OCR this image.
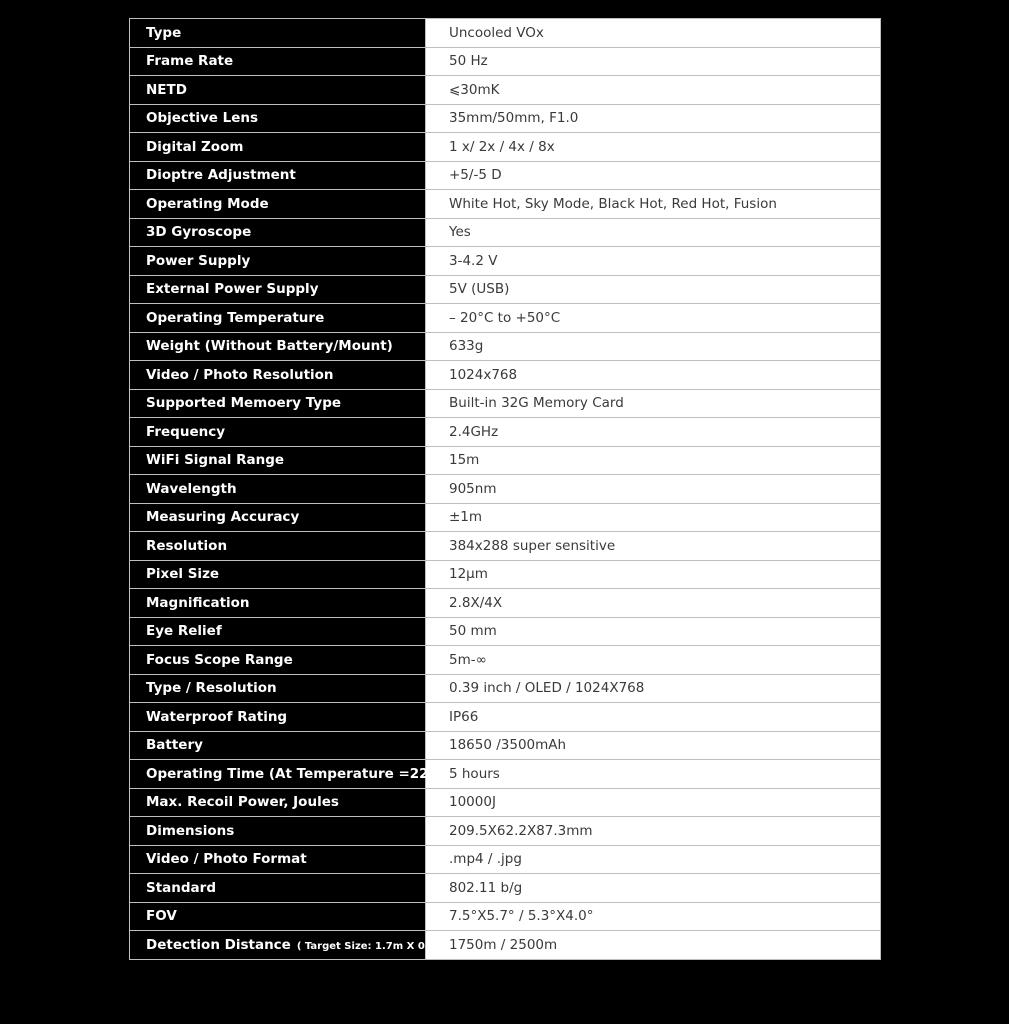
Type	Uncooled VOx
Frame Rate	50 Hz
NETD	⩽30mK
Objective Lens	35mm/50mm, F1.0
Digital Zoom	1 x/ 2x / 4x / 8x
Dioptre Adjustment	+5/-5 D
Operating Mode	White Hot, Sky Mode, Black Hot, Red Hot, Fusion
3D Gyroscope	Yes
Power Supply	3-4.2 V
External Power Supply	5V (USB)
Operating Temperature	– 20°C to +50°C
Weight (Without Battery/Mount)	633g
Video / Photo Resolution	1024x768
Supported Memoery Type	Built-in 32G Memory Card
Frequency	2.4GHz
WiFi Signal Range	15m
Wavelength	905nm
Measuring Accuracy	±1m
Resolution	384x288 super sensitive
Pixel Size	12μm
Magnification	2.8X/4X
Eye Relief	50 mm
Focus Scope Range	5m-∞
Type / Resolution	0.39 inch / OLED / 1024X768
Waterproof Rating	IP66
Battery	18650 /3500mAh
Operating Time (At Temperature =22°C)	5 hours
Max. Recoil Power, Joules	10000J
Dimensions	209.5X62.2X87.3mm
Video / Photo Format	.mp4 / .jpg
Standard	802.11 b/g
FOV	7.5°X5.7° / 5.3°X4.0°
Detection Distance ( Target Size: 1.7m X 0.5m )	1750m / 2500m
